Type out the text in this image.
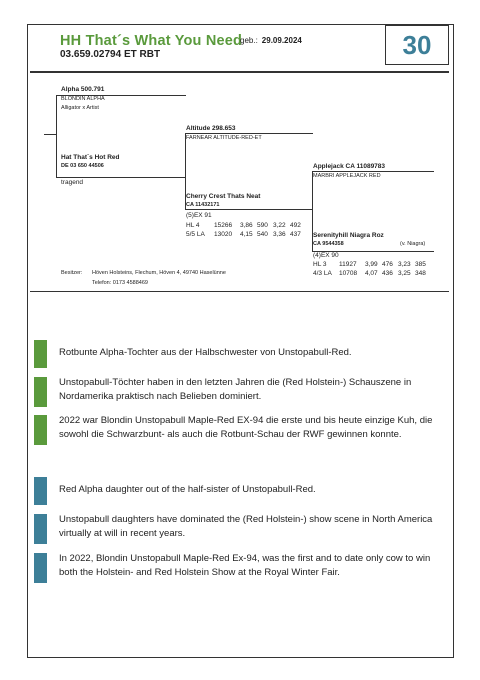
HH That´s What You Need
geb.: 29.09.2024
03.659.02794 ET RBT	30
Alpha 500.791
BLONDIN ALPHA
Alligator x Artist
Hat That´s Hot Red
DE 03 650 44506
tragend
Altitude 298.653
FARNEAR ALTITUDE-RED-ET
Cherry Crest Thats Neat
CA 11432171
(5)EX 91
HL 4 15266 3,86 590 3,22 492
5/5 LA 13020 4,15 540 3,36 437
Applejack CA 11089783
MARBRI APPLEJACK RED
Serenityhill Niagra Roz
CA 9544358	(v. Niagra)
(4)EX 90
HL 3 11927 3,99 476 3,23 385
4/3 LA 10708 4,07 436 3,25 348
Besitzer: Höven Holsteins, Flechum, Höven 4, 49740 Haselünne
Telefon: 0173 4588469
Rotbunte Alpha-Tochter aus der Halbschwester von Unstopabull-Red.
Unstopabull-Töchter haben in den letzten Jahren die (Red Holstein-) Schauszene in Nordamerika praktisch nach Belieben dominiert.
2022 war Blondin Unstopabull Maple-Red EX-94 die erste und bis heute einzige Kuh, die sowohl die Schwarzbunt- als auch die Rotbunt-Schau der RWF gewinnen konnte.
Red Alpha daughter out of the half-sister of Unstopabull-Red.
Unstopabull daughters have dominated the (Red Holstein-) show scene in North America virtually at will in recent years.
In 2022, Blondin Unstopabull Maple-Red Ex-94, was the first and to date only cow to win both the Holstein- and Red Holstein Show at the Royal Winter Fair.
